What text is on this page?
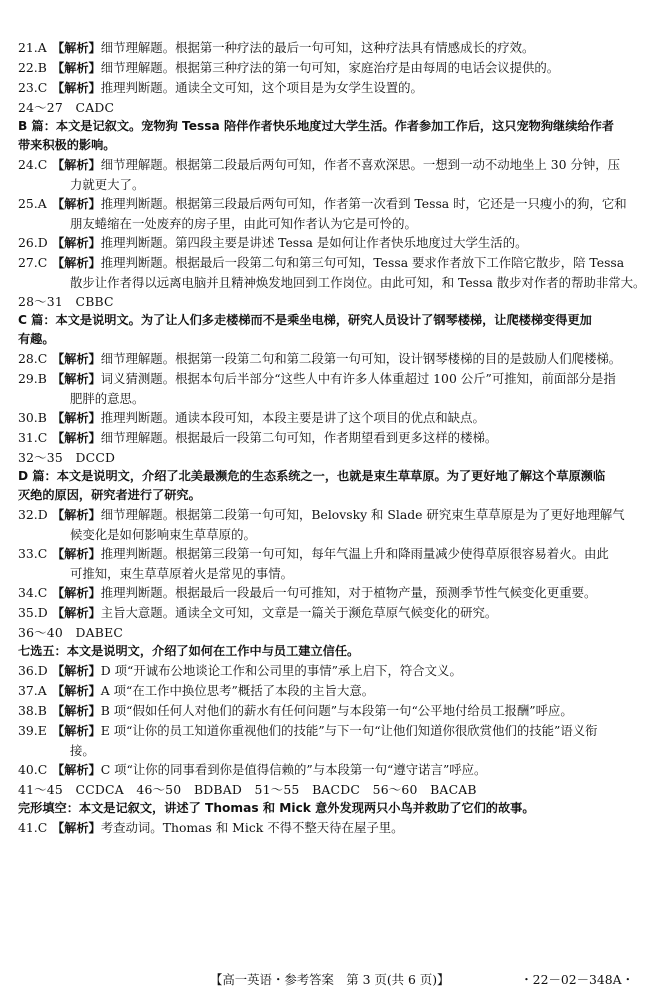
21.A 【解析】细节理解题。根据第一种疗法的最后一句可知，这种疗法具有情感成长的疗效。
22.B 【解析】细节理解题。根据第三种疗法的第一句可知，家庭治疗是由每周的电话会议提供的。
23.C 【解析】推理判断题。通读全文可知，这个项目是为女学生设置的。
24～27　CADC
B 篇：本文是记叙文。宠物狗 Tessa 陪伴作者快乐地度过大学生活。作者参加工作后，这只宠物狗继续给作者
带来积极的影响。
24.C 【解析】细节理解题。根据第二段最后两句可知，作者不喜欢深思。一想到一动不动地坐上 30 分钟，压
力就更大了。
25.A 【解析】推理判断题。根据第三段最后两句可知，作者第一次看到 Tessa 时，它还是一只瘦小的狗，它和
朋友蜷缩在一处废弃的房子里，由此可知作者认为它是可怜的。
26.D 【解析】推理判断题。第四段主要是讲述 Tessa 是如何让作者快乐地度过大学生活的。
27.C 【解析】推理判断题。根据最后一段第二句和第三句可知，Tessa 要求作者放下工作陪它散步，陪 Tessa
散步让作者得以远离电脑并且精神焕发地回到工作岗位。由此可知，和 Tessa 散步对作者的帮助非常大。
28～31　CBBC
C 篇：本文是说明文。为了让人们多走楼梯而不是乘坐电梯，研究人员设计了钢琴楼梯，让爬楼梯变得更加
有趣。
28.C 【解析】细节理解题。根据第一段第二句和第二段第一句可知，设计钢琴楼梯的目的是鼓励人们爬楼梯。
29.B 【解析】词义猜测题。根据本句后半部分“这些人中有许多人体重超过 100 公斤”可推知，前面部分是指
肥胖的意思。
30.B 【解析】推理判断题。通读本段可知，本段主要是讲了这个项目的优点和缺点。
31.C 【解析】细节理解题。根据最后一段第二句可知，作者期望看到更多这样的楼梯。
32～35　DCCD
D 篇：本文是说明文，介绍了北美最濒危的生态系统之一，也就是束生草草原。为了更好地了解这个草原濒临
灭绝的原因，研究者进行了研究。
32.D 【解析】细节理解题。根据第二段第一句可知，Belovsky 和 Slade 研究束生草草原是为了更好地理解气
候变化是如何影响束生草草原的。
33.C 【解析】推理判断题。根据第三段第一句可知，每年气温上升和降雨量减少使得草原很容易着火。由此
可推知，束生草草原着火是常见的事情。
34.C 【解析】推理判断题。根据最后一段最后一句可推知，对于植物产量，预测季节性气候变化更重要。
35.D 【解析】主旨大意题。通读全文可知，文章是一篇关于濒危草原气候变化的研究。
36～40　DABEC
七选五：本文是说明文，介绍了如何在工作中与员工建立信任。
36.D 【解析】D 项“开诚布公地谈论工作和公司里的事情”承上启下，符合文义。
37.A 【解析】A 项“在工作中换位思考”概括了本段的主旨大意。
38.B 【解析】B 项“假如任何人对他们的薪水有任何问题”与本段第一句“公平地付给员工报酬”呼应。
39.E 【解析】E 项“让你的员工知道你重视他们的技能”与下一句“让他们知道你很欣赏他们的技能”语义衔
接。
40.C 【解析】C 项“让你的同事看到你是值得信赖的”与本段第一句“遵守诺言”呼应。
41～45　CCDCA　46～50　BDBAD　51～55　BACDC　56～60　BACAB
完形填空：本文是记叙文，讲述了 Thomas 和 Mick 意外发现两只小鸟并救助了它们的故事。
41.C 【解析】考查动词。Thomas 和 Mick 不得不整天待在屋子里。
【高一英语・参考答案　第 3 页(共 6 页)】	・22－02－348A・
